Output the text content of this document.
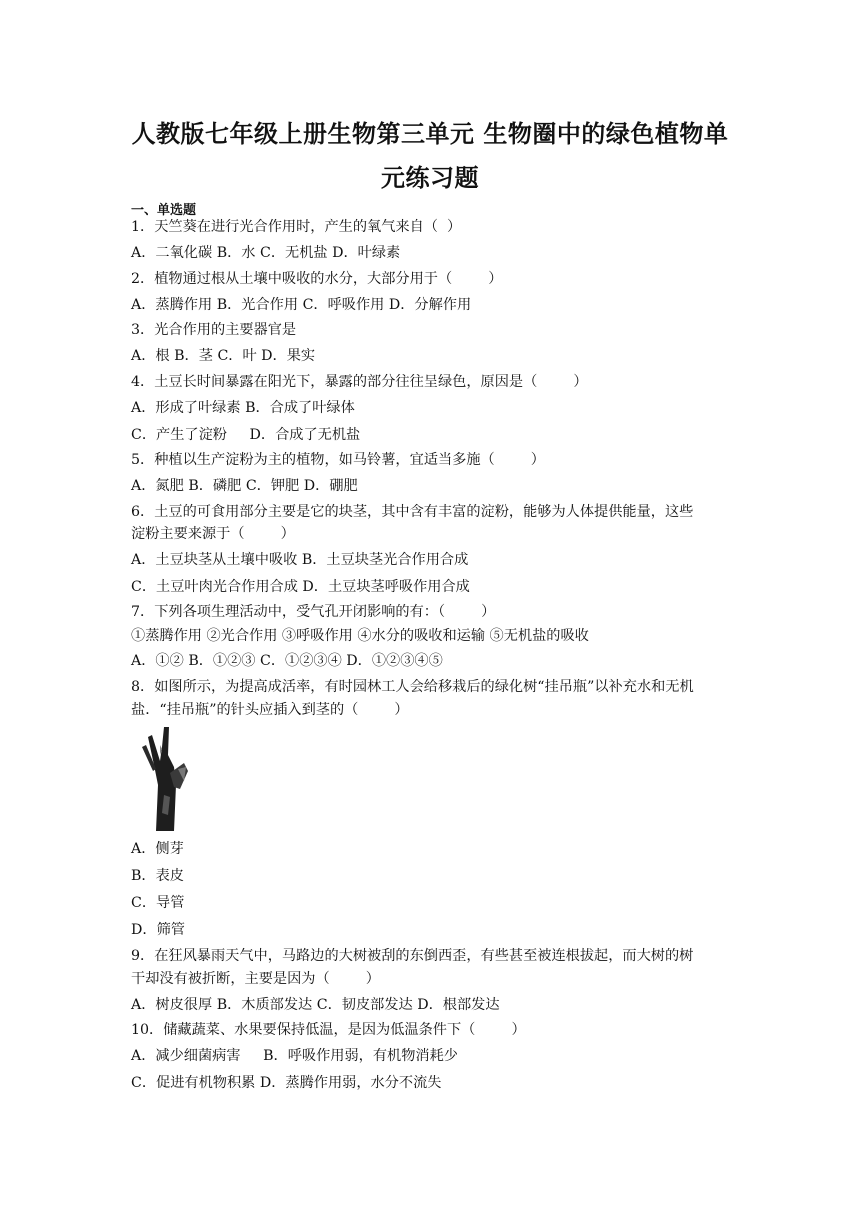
人教版七年级上册生物第三单元 生物圈中的绿色植物单
元练习题
一、单选题
1．天竺葵在进行光合作用时，产生的氧气来自（  ）
A．二氧化碳 B．水 C．无机盐 D．叶绿素
2．植物通过根从土壤中吸收的水分，大部分用于（        ）
A．蒸腾作用 B．光合作用 C．呼吸作用 D．分解作用
3．光合作用的主要器官是
A．根 B．茎 C．叶 D．果实
4．土豆长时间暴露在阳光下，暴露的部分往往呈绿色，原因是（        ）
A．形成了叶绿素 B．合成了叶绿体
C．产生了淀粉     D．合成了无机盐
5．种植以生产淀粉为主的植物，如马铃薯，宜适当多施（        ）
A．氮肥 B．磷肥 C．钾肥 D．硼肥
6．土豆的可食用部分主要是它的块茎，其中含有丰富的淀粉，能够为人体提供能量，这些
淀粉主要来源于（        ）
A．土豆块茎从土壤中吸收 B．土豆块茎光合作用合成
C．土豆叶肉光合作用合成 D．土豆块茎呼吸作用合成
7．下列各项生理活动中，受气孔开闭影响的有：（        ）
①蒸腾作用 ②光合作用 ③呼吸作用 ④水分的吸收和运输 ⑤无机盐的吸收
A．①② B．①②③ C．①②③④ D．①②③④⑤
8．如图所示，为提高成活率，有时园林工人会给移栽后的绿化树“挂吊瓶”以补充水和无机
盐．“挂吊瓶”的针头应插入到茎的（        ）
A．侧芽
B．表皮
C．导管
D．筛管
9．在狂风暴雨天气中，马路边的大树被刮的东倒西歪，有些甚至被连根拔起，而大树的树
干却没有被折断，主要是因为（        ）
A．树皮很厚 B．木质部发达 C．韧皮部发达 D．根部发达
10．储藏蔬菜、水果要保持低温，是因为低温条件下（        ）
A．减少细菌病害     B．呼吸作用弱，有机物消耗少
C．促进有机物积累 D．蒸腾作用弱，水分不流失
